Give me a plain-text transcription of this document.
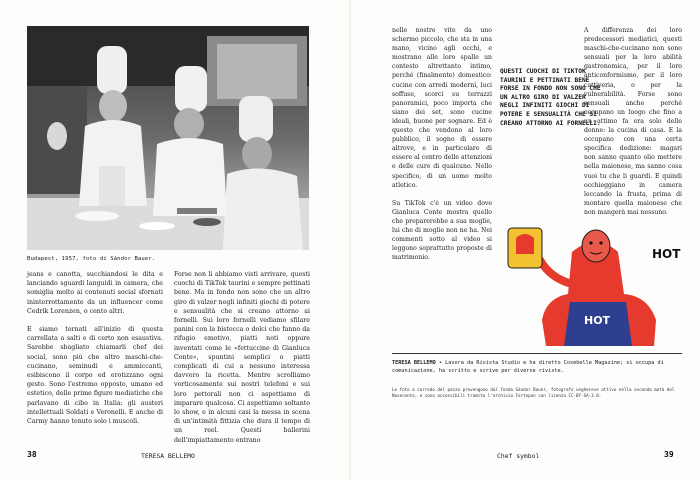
Budapest, 1957, foto di Sándor Bauer.

jeans e canotta, succhiandosi le dita e lanciando sguardi languidi in camera, che somiglia molto ai contenuti social sfornati ininterrottamente da un influencer come Cedrik Lorenzen, o cento altri.

E siamo tornati all'inizio di questa carrellata a salti e di certo non esaustiva. Sarebbe sbagliato chiamarli chef dei social, sono più che altro maschi-che-cucinano, seminudi e ammiccanti, esibiscono il corpo ed erotizzano ogni gesto. Sono l'estremo opposto, umano ed estetico, delle prime figure mediatiche che parlavano di cibo in Italia: gli austeri intellettuali Soldati e Veronelli. E anche di Carmy hanno tenuto solo i muscoli.

Forse non li abbiamo visti arrivare, questi cuochi di TikTok taurini e sempre pettinati bene. Ma in fondo non sono che un altro giro di valzer negli infiniti giochi di potere e sensualità che si creano attorno ai fornelli. Sui loro fornelli vediamo sfilare panini con la bistecca o dolci che fanno da rifugio emotivo, piatti noti oppure inventati come le «fettuccine di Gianluca Conte», spuntini semplici o piatti complicati di cui a nessuno interessa davvero la ricetta. Mentre scrolliamo vorticosamente sui nostri telefoni e sui loro pettorali non ci aspettiamo di imparare qualcosa. Ci aspettiamo soltanto lo show, e in alcuni casi la messa in scena di un'intimità fittizia che dura il tempo di un reel. Questi ballerini dell'impiattamento entrano

38	TERESA BELLEMO

nelle nostre vite da uno schermo piccolo, che sta in una mano, vicino agli occhi, e mostrano alle loro spalle un contesto altrettanto intimo, perché (finalmente) domestico: cucine con arredi moderni, luci soffuse, scorci su terrazzi panoramici, poco importa che siano dei set, sono cucine ideali, buone per sognare. Ed è questo che vendono al loro pubblico, il sogno di essere altrove, e in particolare di essere al centro delle attenzioni e delle cure di qualcuno. Nello specifico, di un uomo molto atletico.

Su TikTok c'è un video dove Gianluca Conte mostra quello che preparerebbe a sua moglie, lui che di moglie non ne ha. Nei commenti sotto al video si leggono soprattutto proposte di matrimonio.

QUESTI CUOCHI DI TIKTOK TAURINI E PETTINATI BENE FORSE IN FONDO NON SONO CHE UN ALTRO GIRO DI VALZER NEGLI INFINITI GIOCHI DI POTERE E SENSUALITÀ CHE SI CREANO ATTORNO AI FORNELLI.

A differenza dei loro predecessori mediatici, questi maschi-che-cucinano non sono sensuali per la loro abilità gastronomica, per il loro anticonformismo, per il loro cattiveria, o per la vulnerabilità. Forse sono sensuali anche perché occupano un luogo che fino a un attimo fa era solo delle donne: la cucina di casa. E la occupano con una certa specifica dedizione: magari non sanno quanto olio mettere nella maionese, ma sanno cosa vuoi tu che li guardi. E quindi occhieggiano in camera leccando la frusta, prima di montare quella maionese che non mangerà mai nessuno.

HOT
HOT
TERESA BELLEMO • Lavora da Rivista Studio e ha diretto Cosebelle Magazine; si occupa di comunicazione, ha scritto e scrive per diverse riviste.
Le foto a corredo del pezzo provengono dal fondo Sándor Bauer, fotografo ungherese attivo nella seconda metà del Novecento, e sono accessibili tramite l'archivio Fortepan con licenza CC-BY-SA-3.0.
Chef symbol	39
